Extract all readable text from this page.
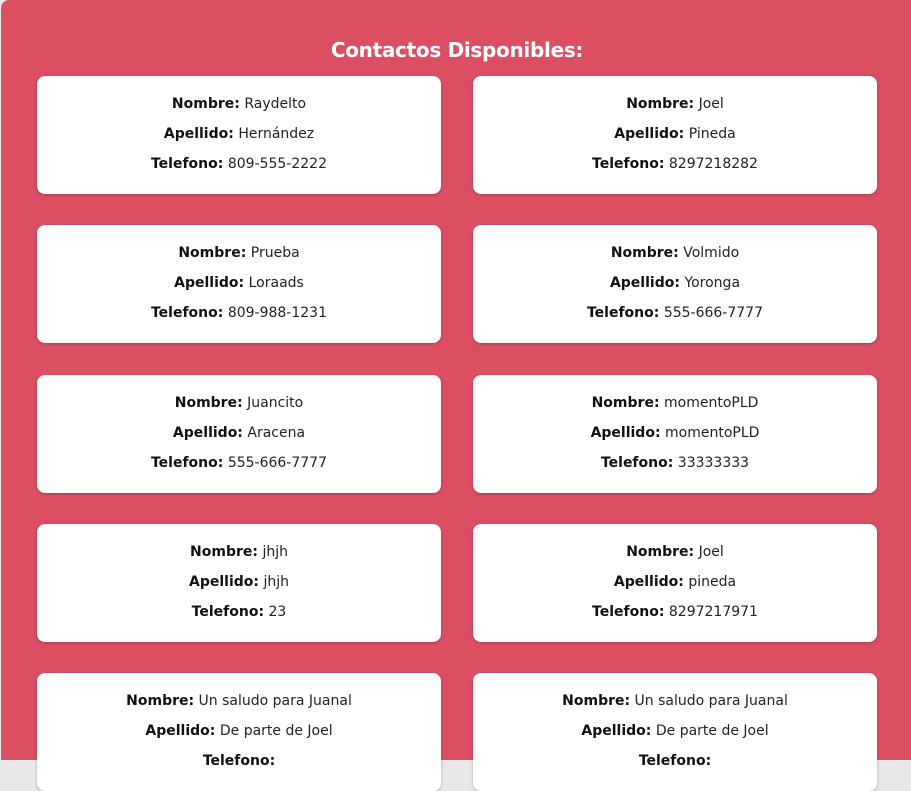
Contactos Disponibles:

Nombre: Raydelto

Apellido: Hernández

Telefono: 809-555-2222

Nombre: Joel

Apellido: Pineda

Telefono: 8297218282

Nombre: Prueba

Apellido: Loraads

Telefono: 809-988-1231

Nombre: Volmido

Apellido: Yoronga

Telefono: 555-666-7777

Nombre: Juancito

Apellido: Aracena

Telefono: 555-666-7777

Nombre: momentoPLD

Apellido: momentoPLD

Telefono: 33333333

Nombre: jhjh

Apellido: jhjh

Telefono: 23

Nombre: Joel

Apellido: pineda

Telefono: 8297217971

Nombre: Un saludo para Juanal

Apellido: De parte de Joel

Telefono:

Nombre: Un saludo para Juanal

Apellido: De parte de Joel

Telefono:
